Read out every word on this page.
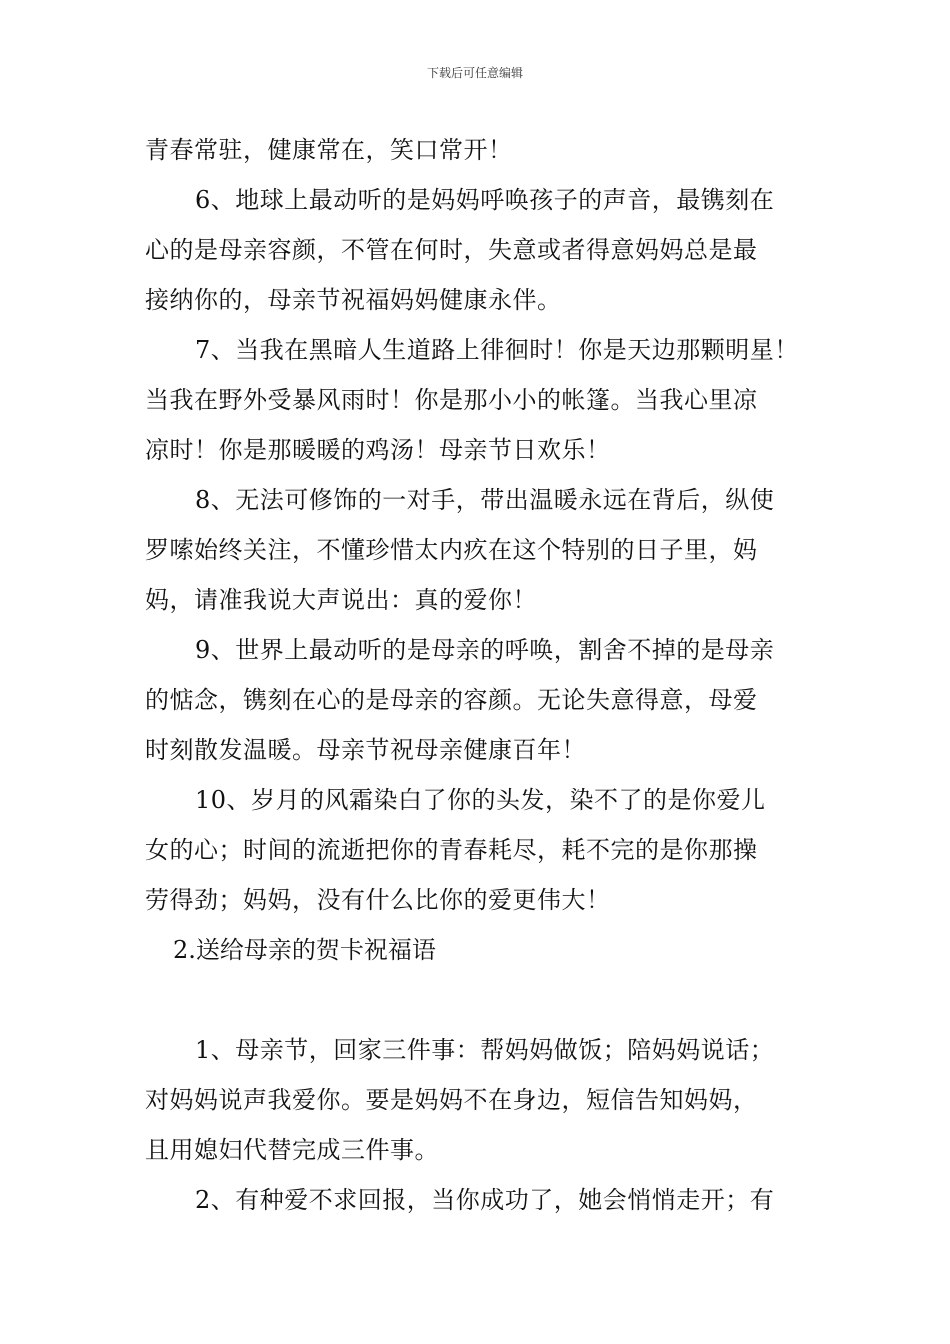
下载后可任意编辑
青春常驻，健康常在，笑口常开！
6、地球上最动听的是妈妈呼唤孩子的声音，最镌刻在
心的是母亲容颜，不管在何时，失意或者得意妈妈总是最
接纳你的，母亲节祝福妈妈健康永伴。
7、当我在黑暗人生道路上徘徊时！你是天边那颗明星！
当我在野外受暴风雨时！你是那小小的帐篷。当我心里凉
凉时！你是那暖暖的鸡汤！母亲节日欢乐！
8、无法可修饰的一对手，带出温暖永远在背后，纵使
罗嗦始终关注，不懂珍惜太内疚在这个特别的日子里，妈
妈，请准我说大声说出：真的爱你！
9、世界上最动听的是母亲的呼唤，割舍不掉的是母亲
的惦念，镌刻在心的是母亲的容颜。无论失意得意，母爱
时刻散发温暖。母亲节祝母亲健康百年！
10、岁月的风霜染白了你的头发，染不了的是你爱儿
女的心；时间的流逝把你的青春耗尽，耗不完的是你那操
劳得劲；妈妈，没有什么比你的爱更伟大！
2.送给母亲的贺卡祝福语
1、母亲节，回家三件事：帮妈妈做饭；陪妈妈说话；
对妈妈说声我爱你。要是妈妈不在身边，短信告知妈妈，
且用媳妇代替完成三件事。
2、有种爱不求回报，当你成功了，她会悄悄走开；有
